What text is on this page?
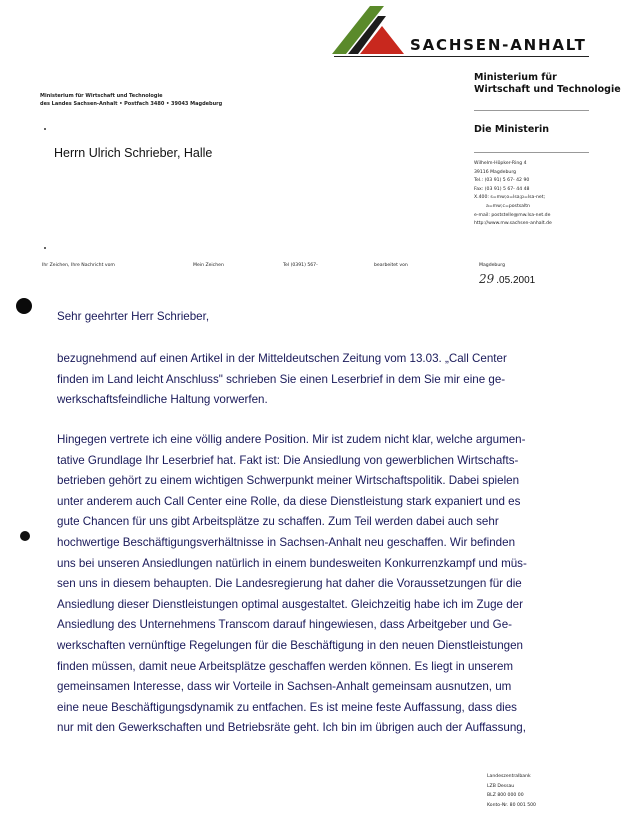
SACHSEN-ANHALT
Ministerium für
Wirtschaft und Technologie
Die Ministerin
Wilhelm-Höpker-Ring 4
39116 Magdeburg
Tel.: (03 91) 5 67- 42 90
Fax: (03 91) 5 67- 44 48
X.400: s=mw;o=lsa;p=lsa-net;
a=mw;c=postsaltn
e-mail: poststelle@mw.lsa-net.de
http://www.mw.sachsen-anhalt.de
Ministerium für Wirtschaft und Technologie
des Landes Sachsen-Anhalt • Postfach 3480 • 39043 Magdeburg
Herrn Ulrich Schrieber, Halle
Ihr Zeichen, Ihre Nachricht vom	Mein Zeichen	Tel (0391) 567-	bearbeitet von	Magdeburg
29 .05.2001
Sehr geehrter Herr Schrieber,
bezugnehmend auf einen Artikel in der Mitteldeutschen Zeitung vom 13.03. „Call Center
finden im Land leicht Anschluss" schrieben Sie einen Leserbrief in dem Sie mir eine ge-
werkschaftsfeindliche Haltung vorwerfen.
Hingegen vertrete ich eine völlig andere Position. Mir ist zudem nicht klar, welche argumen-
tative Grundlage Ihr Leserbrief hat. Fakt ist: Die Ansiedlung von gewerblichen Wirtschafts-
betrieben gehört zu einem wichtigen Schwerpunkt meiner Wirtschaftspolitik. Dabei spielen
unter anderem auch Call Center eine Rolle, da diese Dienstleistung stark expaniert und es
gute Chancen für uns gibt Arbeitsplätze zu schaffen. Zum Teil werden dabei auch sehr
hochwertige Beschäftigungsverhältnisse in Sachsen-Anhalt neu geschaffen. Wir befinden
uns bei unseren Ansiedlungen natürlich in einem bundesweiten Konkurrenzkampf und müs-
sen uns in diesem behaupten. Die Landesregierung hat daher die Voraussetzungen für die
Ansiedlung dieser Dienstleistungen optimal ausgestaltet. Gleichzeitig habe ich im Zuge der
Ansiedlung des Unternehmens Transcom darauf hingewiesen, dass Arbeitgeber und Ge-
werkschaften vernünftige Regelungen für die Beschäftigung in den neuen Dienstleistungen
finden müssen, damit neue Arbeitsplätze geschaffen werden können. Es liegt in unserem
gemeinsamen Interesse, dass wir Vorteile in Sachsen-Anhalt gemeinsam ausnutzen, um
eine neue Beschäftigungsdynamik zu entfachen. Es ist meine feste Auffassung, dass dies
nur mit den Gewerkschaften und Betriebsräte geht. Ich bin im übrigen auch der Auffassung,
Landeszentralbank
LZB Dessau
BLZ 800 000 00
Konto-Nr. 80 001 500
